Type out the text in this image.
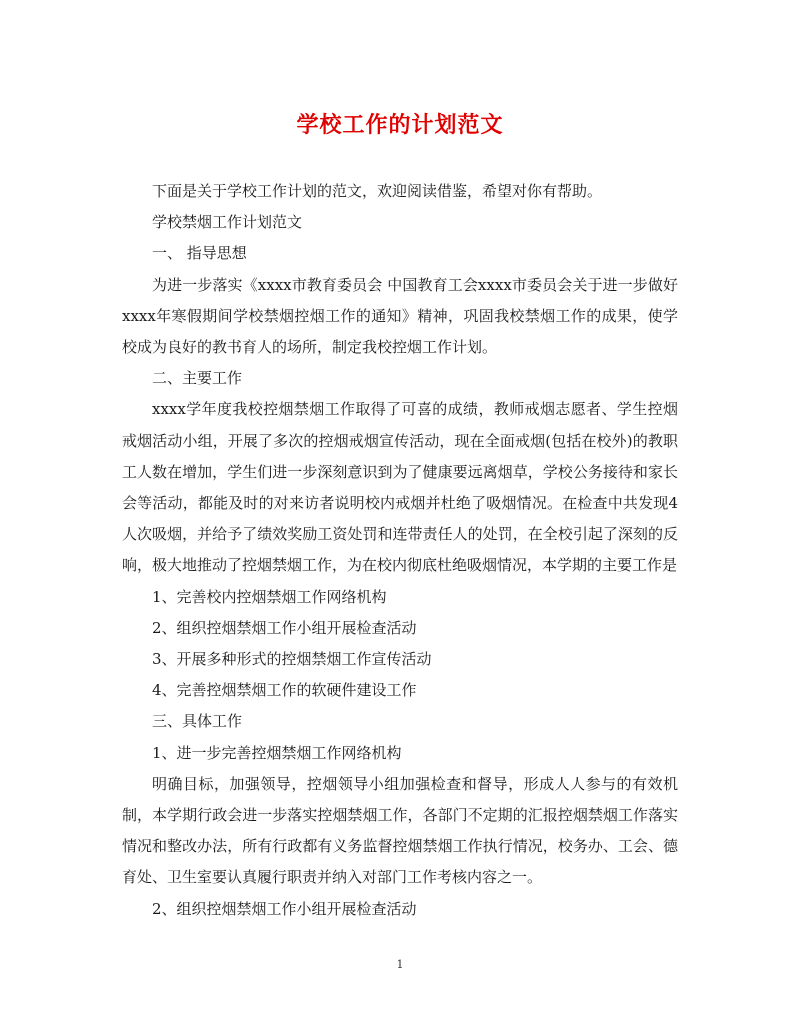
学校工作的计划范文

下面是关于学校工作计划的范文，欢迎阅读借鉴，希望对你有帮助。

学校禁烟工作计划范文

一、 指导思想

为进一步落实《xxxx市教育委员会 中国教育工会xxxx市委员会关于进一步做好xxxx年寒假期间学校禁烟控烟工作的通知》精神，巩固我校禁烟工作的成果，使学校成为良好的教书育人的场所，制定我校控烟工作计划。

二、主要工作

xxxx学年度我校控烟禁烟工作取得了可喜的成绩，教师戒烟志愿者、学生控烟戒烟活动小组，开展了多次的控烟戒烟宣传活动，现在全面戒烟(包括在校外)的教职工人数在增加，学生们进一步深刻意识到为了健康要远离烟草，学校公务接待和家长会等活动，都能及时的对来访者说明校内戒烟并杜绝了吸烟情况。在检查中共发现4人次吸烟，并给予了绩效奖励工资处罚和连带责任人的处罚，在全校引起了深刻的反响，极大地推动了控烟禁烟工作，为在校内彻底杜绝吸烟情况，本学期的主要工作是

1、完善校内控烟禁烟工作网络机构

2、组织控烟禁烟工作小组开展检查活动

3、开展多种形式的控烟禁烟工作宣传活动

4、完善控烟禁烟工作的软硬件建设工作

三、具体工作

1、进一步完善控烟禁烟工作网络机构

明确目标，加强领导，控烟领导小组加强检查和督导，形成人人参与的有效机制，本学期行政会进一步落实控烟禁烟工作，各部门不定期的汇报控烟禁烟工作落实情况和整改办法，所有行政都有义务监督控烟禁烟工作执行情况，校务办、工会、德育处、卫生室要认真履行职责并纳入对部门工作考核内容之一。

2、组织控烟禁烟工作小组开展检查活动

1
